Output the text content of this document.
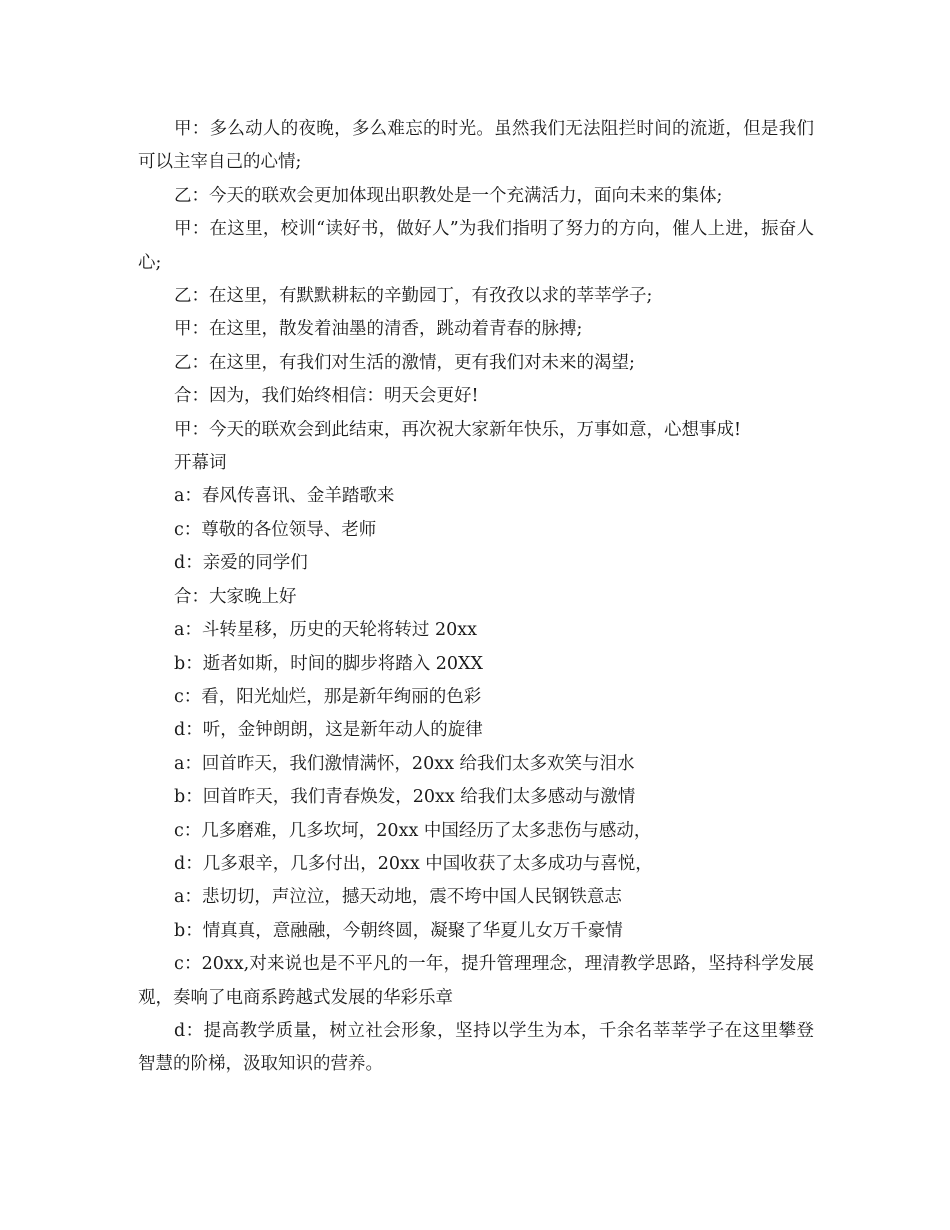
甲：多么动人的夜晚，多么难忘的时光。虽然我们无法阻拦时间的流逝，但是我们可以主宰自己的心情;

乙：今天的联欢会更加体现出职教处是一个充满活力，面向未来的集体;

甲：在这里，校训“读好书，做好人”为我们指明了努力的方向，催人上进，振奋人心;

乙：在这里，有默默耕耘的辛勤园丁，有孜孜以求的莘莘学子;

甲：在这里，散发着油墨的清香，跳动着青春的脉搏;

乙：在这里，有我们对生活的激情，更有我们对未来的渴望;

合：因为，我们始终相信：明天会更好!

甲：今天的联欢会到此结束，再次祝大家新年快乐，万事如意，心想事成!

开幕词

a：春风传喜讯、金羊踏歌来

c：尊敬的各位领导、老师

d：亲爱的同学们

合：大家晚上好

a：斗转星移，历史的天轮将转过 20xx

b：逝者如斯，时间的脚步将踏入 20XX

c：看，阳光灿烂，那是新年绚丽的色彩

d：听，金钟朗朗，这是新年动人的旋律

a：回首昨天，我们激情满怀，20xx 给我们太多欢笑与泪水

b：回首昨天，我们青春焕发，20xx 给我们太多感动与激情

c：几多磨难，几多坎坷，20xx 中国经历了太多悲伤与感动，

d：几多艰辛，几多付出，20xx 中国收获了太多成功与喜悦，

a：悲切切，声泣泣，撼天动地，震不垮中国人民钢铁意志

b：情真真，意融融，今朝终圆，凝聚了华夏儿女万千豪情

c：20xx,对来说也是不平凡的一年，提升管理理念，理清教学思路，坚持科学发展观，奏响了电商系跨越式发展的华彩乐章

d：提高教学质量，树立社会形象，坚持以学生为本，千余名莘莘学子在这里攀登智慧的阶梯，汲取知识的营养。
